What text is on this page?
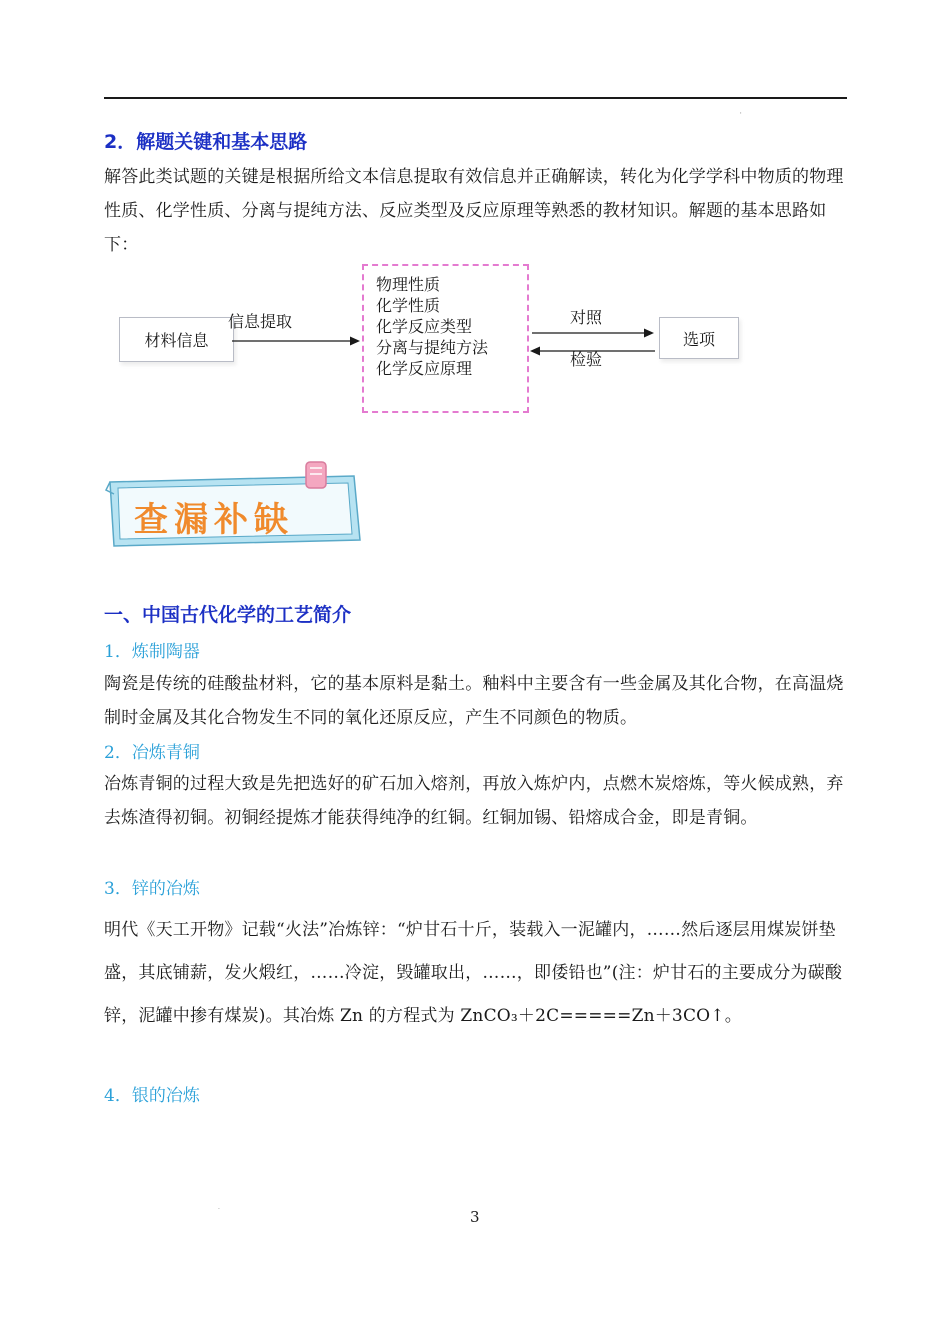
'
2．解题关键和基本思路
解答此类试题的关键是根据所给文本信息提取有效信息并正确解读，转化为化学学科中物质的物理性质、化学性质、分离与提纯方法、反应类型及反应原理等熟悉的教材知识。解题的基本思路如下：
材料信息
信息提取
物理性质
化学性质
化学反应类型
分离与提纯方法
化学反应原理
对照
检验
选项
查漏补缺
一、中国古代化学的工艺简介
1．炼制陶器
陶瓷是传统的硅酸盐材料，它的基本原料是黏土。釉料中主要含有一些金属及其化合物，在高温烧制时金属及其化合物发生不同的氧化还原反应，产生不同颜色的物质。
2．冶炼青铜
冶炼青铜的过程大致是先把选好的矿石加入熔剂，再放入炼炉内，点燃木炭熔炼，等火候成熟，弃去炼渣得初铜。初铜经提炼才能获得纯净的红铜。红铜加锡、铅熔成合金，即是青铜。
3．锌的冶炼
明代《天工开物》记载“火法”冶炼锌：“炉甘石十斤，装载入一泥罐内，……然后逐层用煤炭饼垫盛，其底铺薪，发火煅红，……冷淀，毁罐取出，……，即倭铅也”(注：炉甘石的主要成分为碳酸锌，泥罐中掺有煤炭)。其冶炼 Zn 的方程式为 ZnCO₃＋2C=====Zn＋3CO↑。
4．银的冶炼
·	3
